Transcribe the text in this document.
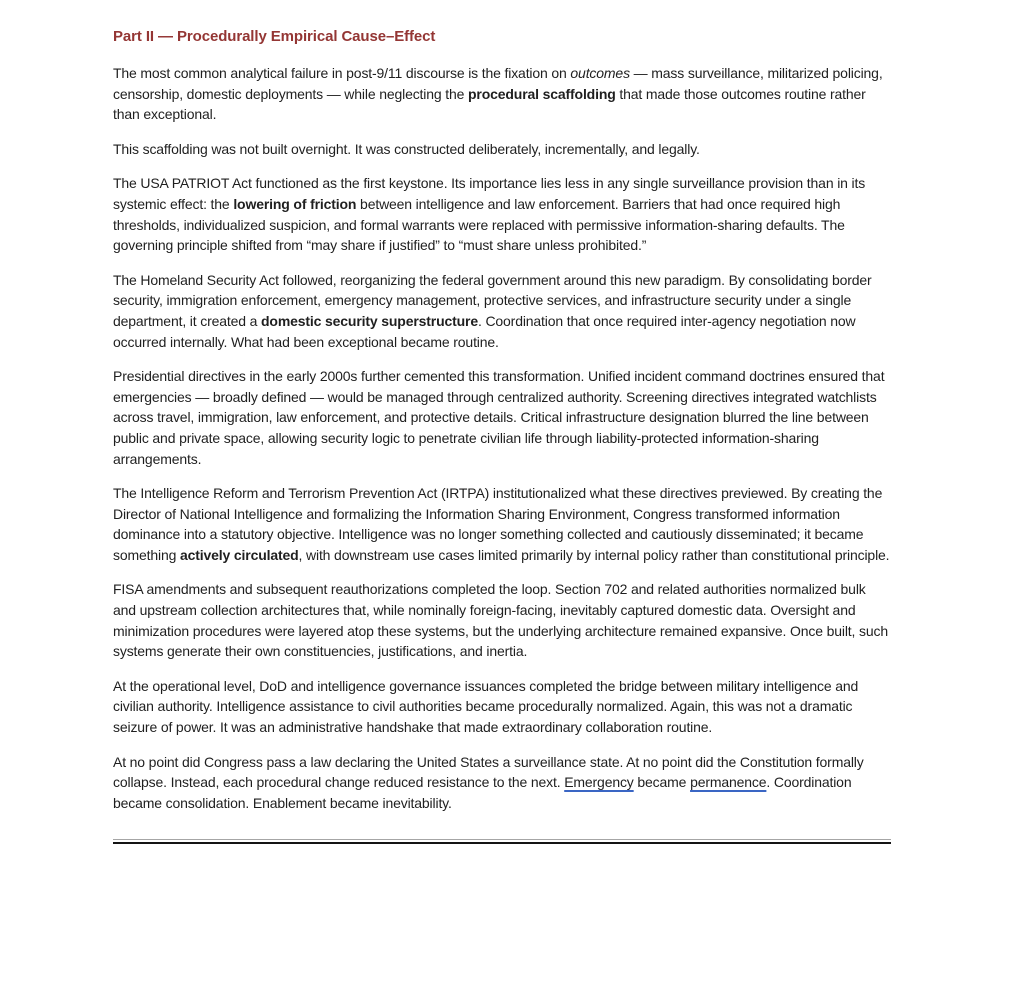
Part II — Procedurally Empirical Cause–Effect

The most common analytical failure in post-9/11 discourse is the fixation on outcomes — mass surveillance, militarized policing, censorship, domestic deployments — while neglecting the procedural scaffolding that made those outcomes routine rather than exceptional.

This scaffolding was not built overnight. It was constructed deliberately, incrementally, and legally.

The USA PATRIOT Act functioned as the first keystone. Its importance lies less in any single surveillance provision than in its systemic effect: the lowering of friction between intelligence and law enforcement. Barriers that had once required high thresholds, individualized suspicion, and formal warrants were replaced with permissive information-sharing defaults. The governing principle shifted from “may share if justified” to “must share unless prohibited.”

The Homeland Security Act followed, reorganizing the federal government around this new paradigm. By consolidating border security, immigration enforcement, emergency management, protective services, and infrastructure security under a single department, it created a domestic security superstructure. Coordination that once required inter-agency negotiation now occurred internally. What had been exceptional became routine.

Presidential directives in the early 2000s further cemented this transformation. Unified incident command doctrines ensured that emergencies — broadly defined — would be managed through centralized authority. Screening directives integrated watchlists across travel, immigration, law enforcement, and protective details. Critical infrastructure designation blurred the line between public and private space, allowing security logic to penetrate civilian life through liability-protected information-sharing arrangements.

The Intelligence Reform and Terrorism Prevention Act (IRTPA) institutionalized what these directives previewed. By creating the Director of National Intelligence and formalizing the Information Sharing Environment, Congress transformed information dominance into a statutory objective. Intelligence was no longer something collected and cautiously disseminated; it became something actively circulated, with downstream use cases limited primarily by internal policy rather than constitutional principle.

FISA amendments and subsequent reauthorizations completed the loop. Section 702 and related authorities normalized bulk and upstream collection architectures that, while nominally foreign-facing, inevitably captured domestic data. Oversight and minimization procedures were layered atop these systems, but the underlying architecture remained expansive. Once built, such systems generate their own constituencies, justifications, and inertia.

At the operational level, DoD and intelligence governance issuances completed the bridge between military intelligence and civilian authority. Intelligence assistance to civil authorities became procedurally normalized. Again, this was not a dramatic seizure of power. It was an administrative handshake that made extraordinary collaboration routine.

At no point did Congress pass a law declaring the United States a surveillance state. At no point did the Constitution formally collapse. Instead, each procedural change reduced resistance to the next. Emergency became permanence. Coordination became consolidation. Enablement became inevitability.
